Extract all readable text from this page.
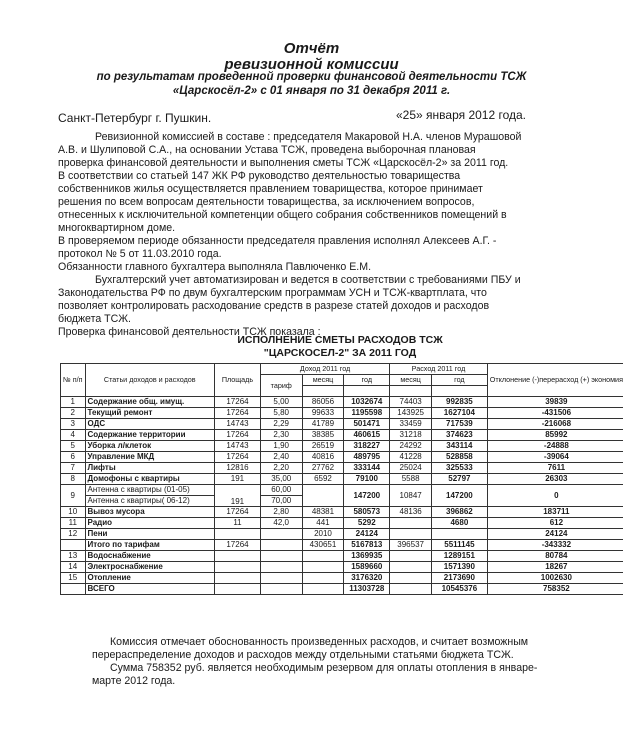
Отчёт
ревизионной комиссии
по результатам проведенной проверки финансовой деятельности ТСЖ
«Царскосёл-2» с 01 января по 31 декабря 2011 г.
Санкт-Петербург г. Пушкин.	«25» января 2012 года.
Ревизионной комиссией в составе : председателя Макаровой Н.А. членов Мурашовой
А.В. и Шулиповой С.А., на основании Устава ТСЖ, проведена выборочная плановая
проверка финансовой деятельности и выполнения сметы ТСЖ «Царскосёл-2» за 2011 год.
В соответствии со статьей 147 ЖК РФ руководство деятельностью товарищества
собственников жилья осуществляется правлением товарищества, которое принимает
решения по всем вопросам деятельности товарищества, за исключением вопросов,
отнесенных к исключительной компетенции общего собрания собственников помещений в
многоквартирном доме.
В проверяемом периоде обязанности председателя правления исполнял Алексеев А.Г. -
протокол № 5 от 11.03.2010 года.
Обязанности главного бухгалтера выполняла Павлюченко Е.М.
Бухгалтерский учет автоматизирован и ведется в соответствии с требованиями ПБУ и
Законодательства РФ по двум бухгалтерским программам УСН и ТСЖ-квартплата, что
позволяет контролировать расходование средств в разрезе статей доходов и расходов
бюджета ТСЖ.
Проверка финансовой деятельности ТСЖ показала :
ИСПОЛНЕНИЕ СМЕТЫ РАСХОДОВ ТСЖ
"ЦАРСКОСЕЛ-2" ЗА 2011 ГОД
№ п/п	Статьи доходов и расходов	Площадь	Доход 2011 год			Расход 2011 год		Отклонение (-)перерасход (+) экономия
			тариф	месяц	год	месяц	год	

1	Содержание общ. имущ.	17264	5,00	86056	1032674	74403	992835	39839
2	Текущий ремонт	17264	5,80	99633	1195598	143925	1627104	-431506
3	ОДС	14743	2,29	41789	501471	33459	717539	-216068
4	Содержание территории	17264	2,30	38385	460615	31218	374623	85992
5	Уборка л/клеток	14743	1,90	26519	318227	24292	343114	-24888
6	Управление МКД	17264	2,40	40816	489795	41228	528858	-39064
7	Лифты	12816	2,20	27762	333144	25024	325533	7611
8	Домофоны с квартиры	191	35,00	6592	79100	5588	52797	26303
9	Антенна с квартиры (01-05)	191	60,00		147200	10847	147200	0
	Антенна с квартиры( 06-12)		70,00					
10	Вывоз мусора	17264	2,80	48381	580573	48136	396862	183711
11	Радио	11	42,0	441	5292		4680	612
12	Пени			2010	24124			24124
	Итого по тарифам	17264		430651	5167813	396537	5511145	-343332
13	Водоснабжение				1369935		1289151	80784
14	Электроснабжение				1589660		1571390	18267
15	Отопление				3176320		2173690	1002630
	ВСЕГО				11303728		10545376	758352
Комиссия отмечает обоснованность произведенных расходов, и считает возможным
перераспределение доходов и расходов между отдельными статьями бюджета ТСЖ.
Сумма 758352 руб. является необходимым резервом для оплаты отопления в январе-
марте 2012 года.
